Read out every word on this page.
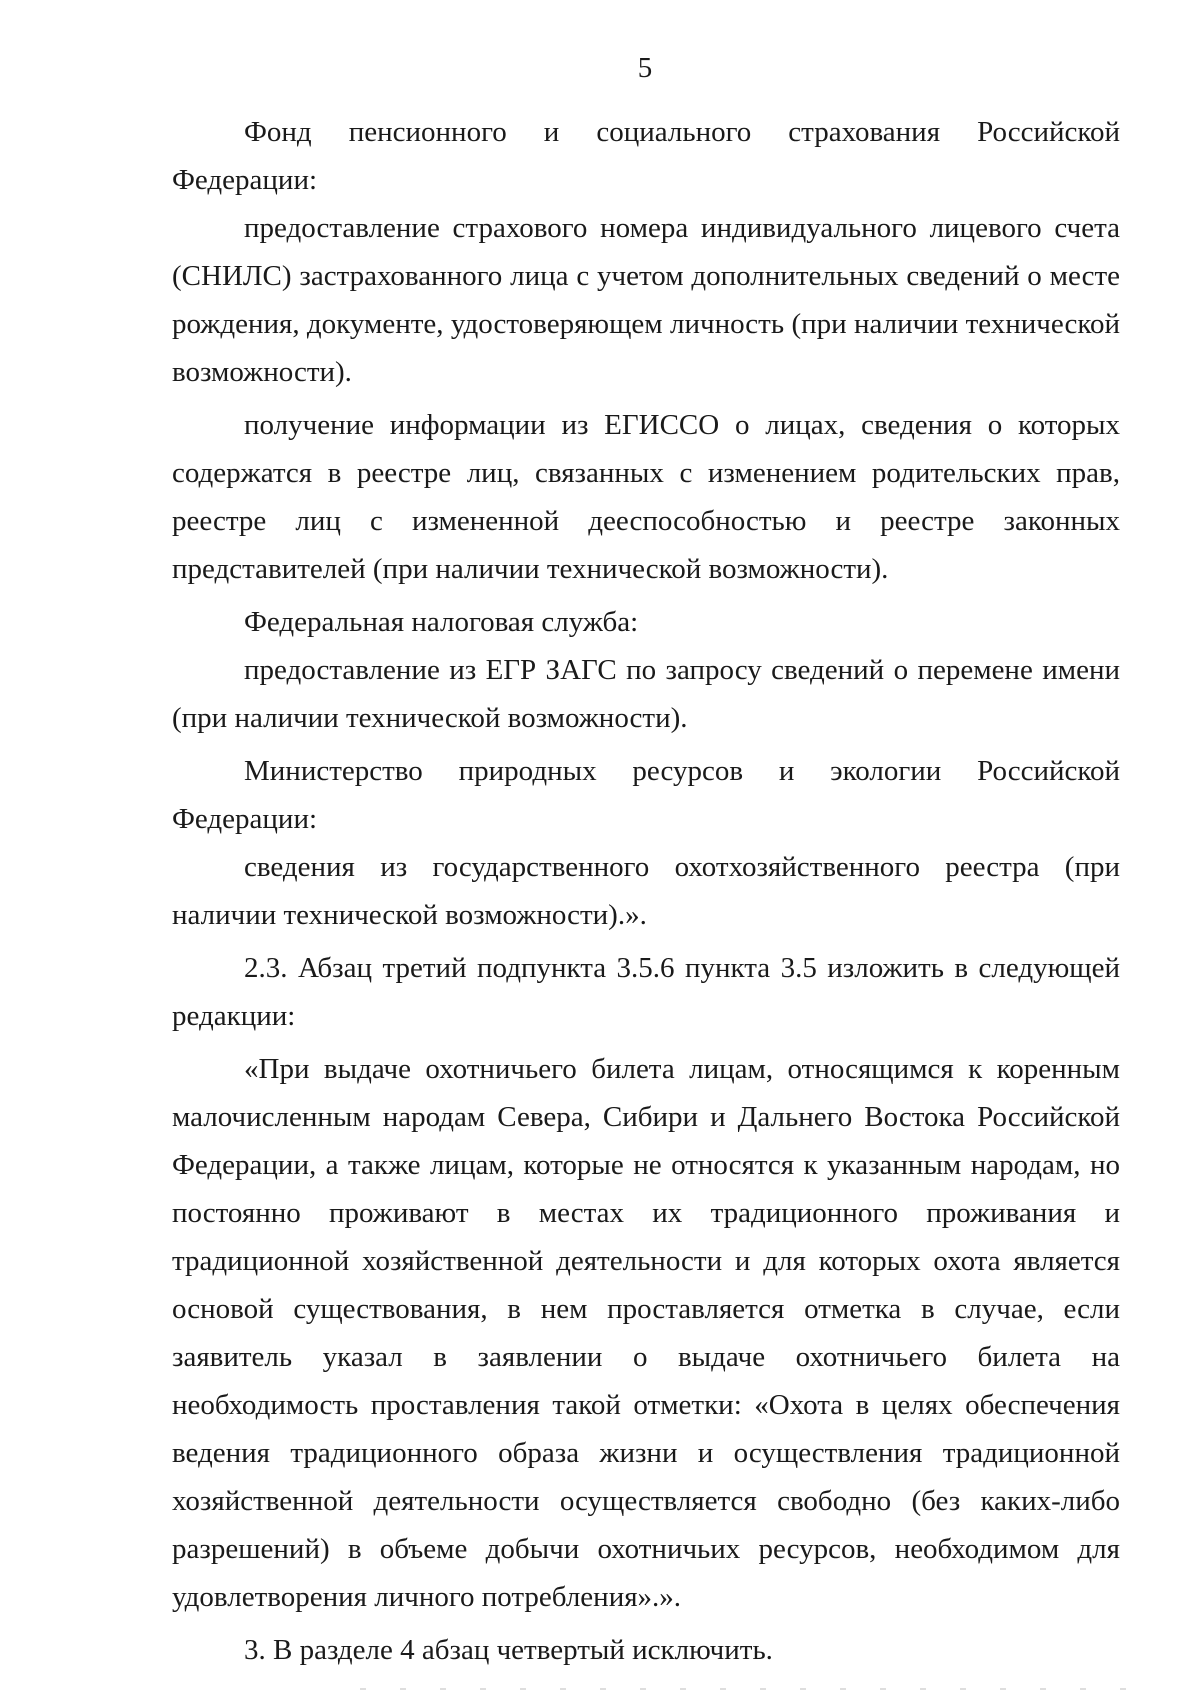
5

Фонд пенсионного и социального страхования Российской Федерации:

предоставление страхового номера индивидуального лицевого счета (СНИЛС) застрахованного лица с учетом дополнительных сведений о месте рождения, документе, удостоверяющем личность (при наличии технической возможности).

получение информации из ЕГИССО о лицах, сведения о которых содержатся в реестре лиц, связанных с изменением родительских прав, реестре лиц с измененной дееспособностью и реестре законных представителей (при наличии технической возможности).

Федеральная налоговая служба:

предоставление из ЕГР ЗАГС по запросу сведений о перемене имени (при наличии технической возможности).

Министерство природных ресурсов и экологии Российской Федерации:

сведения из государственного охотхозяйственного реестра (при наличии технической возможности).».

2.3. Абзац третий подпункта 3.5.6 пункта 3.5 изложить в следующей редакции:

«При выдаче охотничьего билета лицам, относящимся к коренным малочисленным народам Севера, Сибири и Дальнего Востока Российской Федерации, а также лицам, которые не относятся к указанным народам, но постоянно проживают в местах их традиционного проживания и традиционной хозяйственной деятельности и для которых охота является основой существования, в нем проставляется отметка в случае, если заявитель указал в заявлении о выдаче охотничьего билета на необходимость проставления такой отметки: «Охота в целях обеспечения ведения традиционного образа жизни и осуществления традиционной хозяйственной деятельности осуществляется свободно (без каких-либо разрешений) в объеме добычи охотничьих ресурсов, необходимом для удовлетворения личного потребления».».

3. В разделе 4 абзац четвертый исключить.
